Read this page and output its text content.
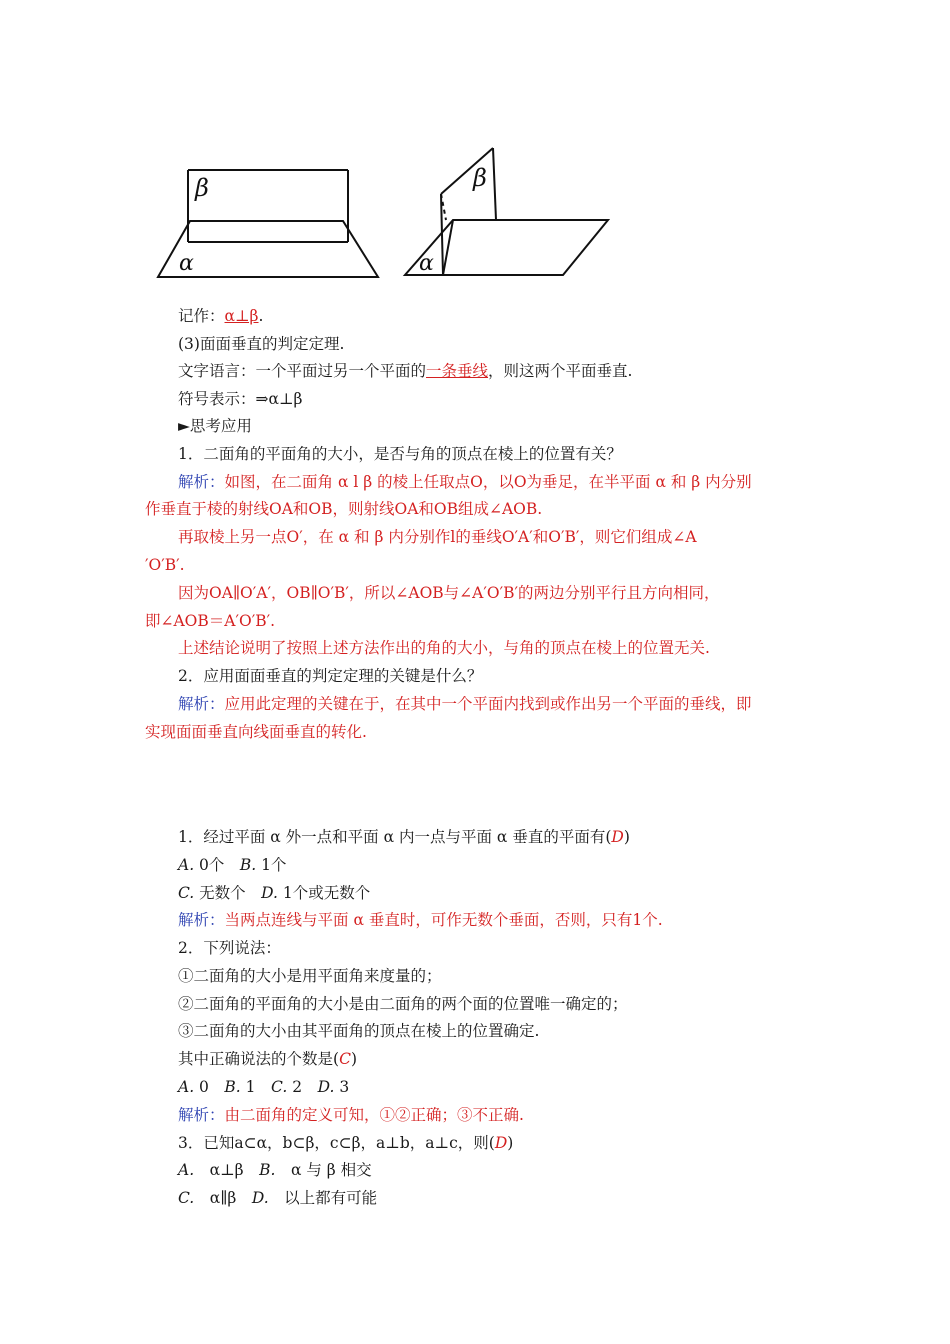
β
α
β
α
记作：α⊥β.
(3)面面垂直的判定定理.
文字语言：一个平面过另一个平面的一条垂线，则这两个平面垂直.
符号表示：⇒α⊥β
►思考应用
1．二面角的平面角的大小，是否与角的顶点在棱上的位置有关？
解析：如图，在二面角 α l β 的棱上任取点O，以O为垂足，在半平面 α 和 β 内分别
作垂直于棱的射线OA和OB，则射线OA和OB组成∠AOB.
再取棱上另一点O′，在 α 和 β 内分别作l的垂线O′A′和O′B′，则它们组成∠A
′O′B′.
因为OA∥O′A′，OB∥O′B′，所以∠AOB与∠A′O′B′的两边分别平行且方向相同，
即∠AOB＝A′O′B′.
上述结论说明了按照上述方法作出的角的大小，与角的顶点在棱上的位置无关.
2．应用面面垂直的判定定理的关键是什么？
解析：应用此定理的关键在于，在其中一个平面内找到或作出另一个平面的垂线，即
实现面面垂直向线面垂直的转化.
1．经过平面 α 外一点和平面 α 内一点与平面 α 垂直的平面有(D)
A. 0个　B. 1个
C. 无数个　D. 1个或无数个
解析：当两点连线与平面 α 垂直时，可作无数个垂面，否则，只有1个.
2．下列说法：
①二面角的大小是用平面角来度量的；
②二面角的平面角的大小是由二面角的两个面的位置唯一确定的；
③二面角的大小由其平面角的顶点在棱上的位置确定.
其中正确说法的个数是(C)
A. 0　B. 1　C. 2　D. 3
解析：由二面角的定义可知，①②正确；③不正确.
3．已知a⊂α，b⊂β，c⊂β，a⊥b，a⊥c，则(D)
A.　α⊥β　B.　α 与 β 相交
C.　α∥β　D.　以上都有可能
